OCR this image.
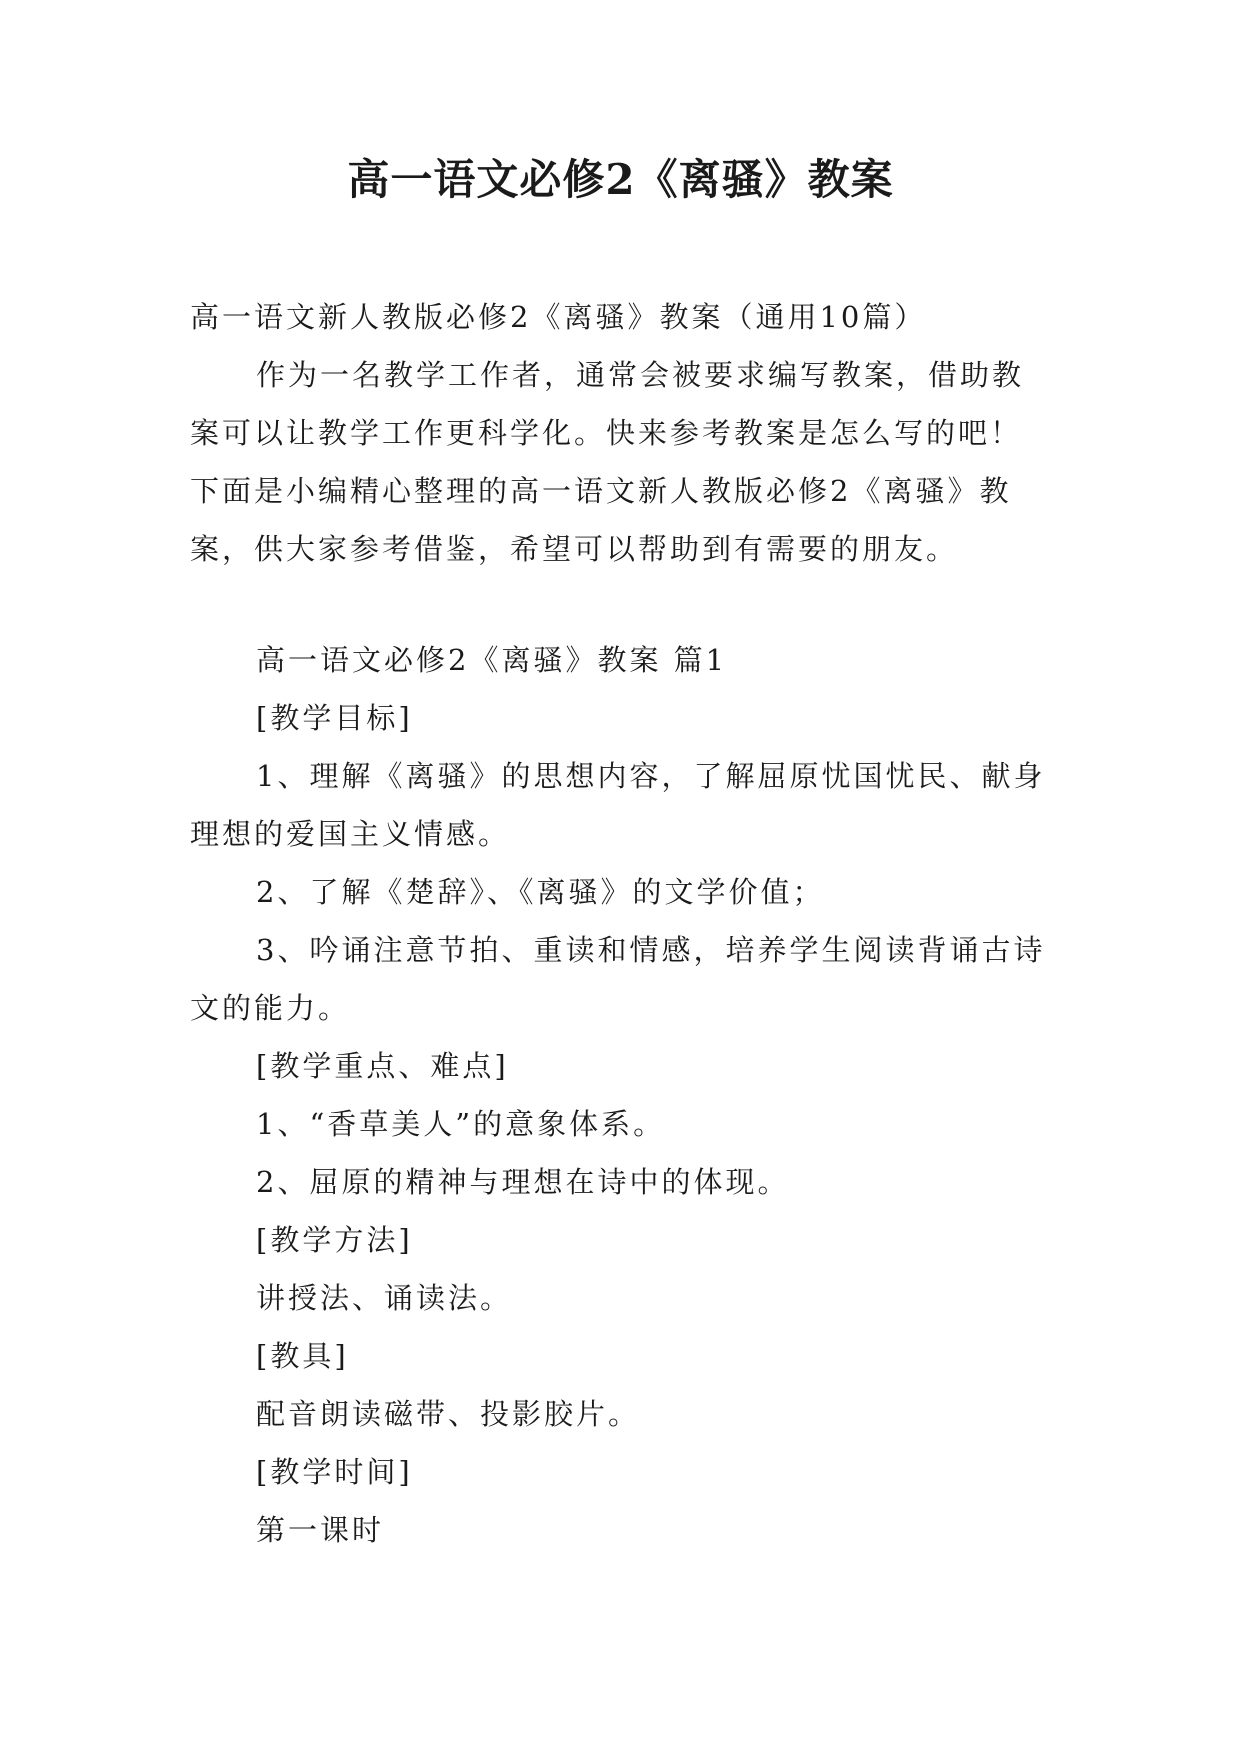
高一语文必修2《离骚》教案
高一语文新人教版必修2《离骚》教案（通用10篇）
作为一名教学工作者，通常会被要求编写教案，借助教案可以让教学工作更科学化。快来参考教案是怎么写的吧！下面是小编精心整理的高一语文新人教版必修2《离骚》教案，供大家参考借鉴，希望可以帮助到有需要的朋友。

高一语文必修2《离骚》教案 篇1

[教学目标]

1、理解《离骚》的思想内容，了解屈原忧国忧民、献身理想的爱国主义情感。

2、了解《楚辞》、《离骚》的文学价值；

3、吟诵注意节拍、重读和情感，培养学生阅读背诵古诗文的能力。

[教学重点、难点]

1、“香草美人”的意象体系。

2、屈原的精神与理想在诗中的体现。

[教学方法]

讲授法、诵读法。

[教具]

配音朗读磁带、投影胶片。

[教学时间]

第一课时
